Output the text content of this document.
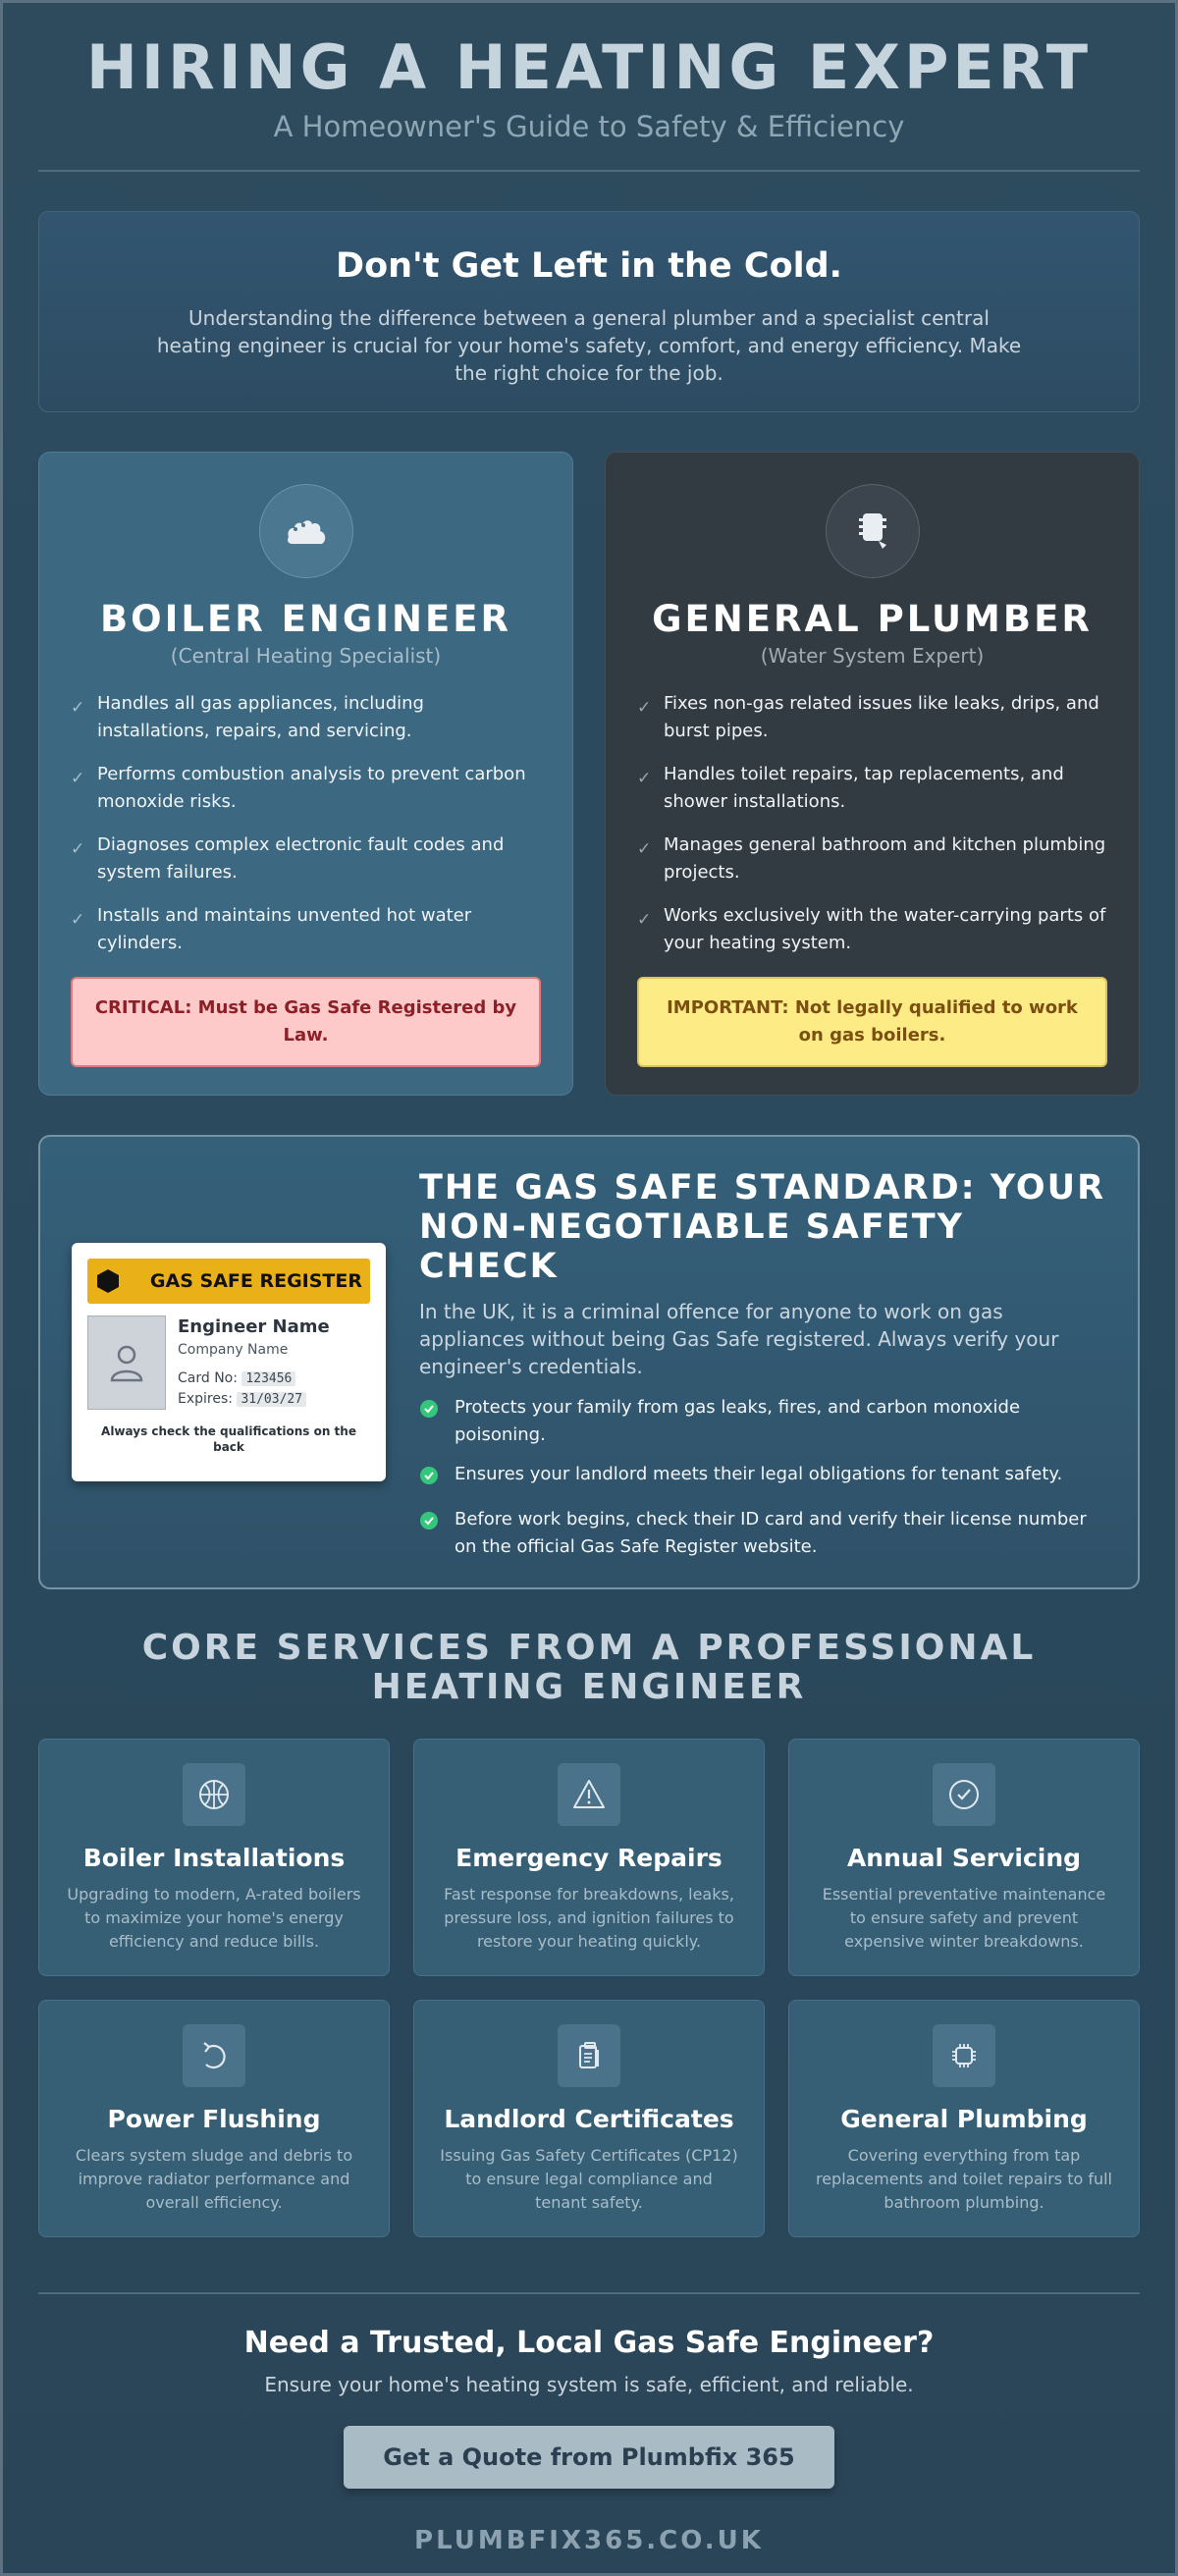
HIRING A HEATING EXPERT
A Homeowner's Guide to Safety & Efficiency
Don't Get Left in the Cold.

Understanding the difference between a general plumber and a specialist central heating engineer is crucial for your home's safety, comfort, and energy efficiency. Make the right choice for the job.

BOILER ENGINEER
(Central Heating Specialist)
✓ Handles all gas appliances, including installations, repairs, and servicing.
✓ Performs combustion analysis to prevent carbon monoxide risks.
✓ Diagnoses complex electronic fault codes and system failures.
✓ Installs and maintains unvented hot water cylinders.
CRITICAL: Must be Gas Safe Registered by Law.
GENERAL PLUMBER
(Water System Expert)
✓ Fixes non-gas related issues like leaks, drips, and burst pipes.
✓ Handles toilet repairs, tap replacements, and shower installations.
✓ Manages general bathroom and kitchen plumbing projects.
✓ Works exclusively with the water-carrying parts of your heating system.
IMPORTANT: Not legally qualified to work on gas boilers.
GAS SAFE REGISTER
Engineer Name
Company Name
Card No: 123456
Expires: 31/03/27
Always check the qualifications on the back
THE GAS SAFE STANDARD: YOUR NON-NEGOTIABLE SAFETY CHECK

In the UK, it is a criminal offence for anyone to work on gas appliances without being Gas Safe registered. Always verify your engineer's credentials.

Protects your family from gas leaks, fires, and carbon monoxide poisoning.
Ensures your landlord meets their legal obligations for tenant safety.
Before work begins, check their ID card and verify their license number on the official Gas Safe Register website.
CORE SERVICES FROM A PROFESSIONAL HEATING ENGINEER
Boiler Installations

Upgrading to modern, A-rated boilers to maximize your home's energy efficiency and reduce bills.

Emergency Repairs

Fast response for breakdowns, leaks, pressure loss, and ignition failures to restore your heating quickly.

Annual Servicing

Essential preventative maintenance to ensure safety and prevent expensive winter breakdowns.

Power Flushing

Clears system sludge and debris to improve radiator performance and overall efficiency.

Landlord Certificates

Issuing Gas Safety Certificates (CP12) to ensure legal compliance and tenant safety.

General Plumbing

Covering everything from tap replacements and toilet repairs to full bathroom plumbing.

Need a Trusted, Local Gas Safe Engineer?

Ensure your home's heating system is safe, efficient, and reliable.

Get a Quote from Plumbfix 365
PLUMBFIX365.CO.UK
